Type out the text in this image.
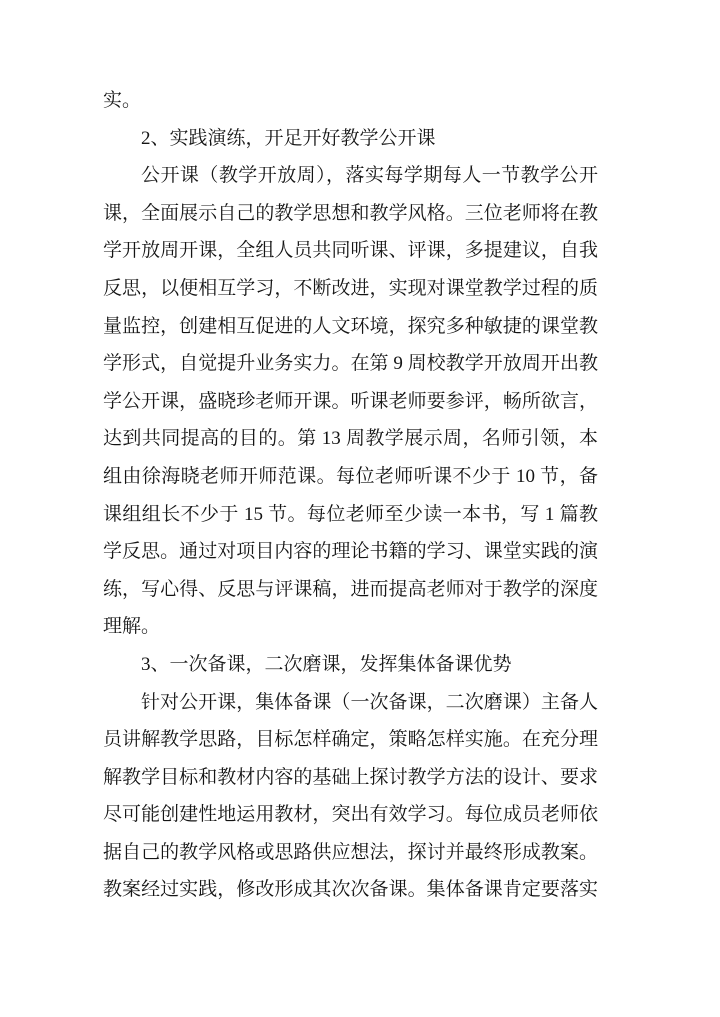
实。
2、实践演练，开足开好教学公开课
公开课（教学开放周），落实每学期每人一节教学公开
课，全面展示自己的教学思想和教学风格。三位老师将在教
学开放周开课，全组人员共同听课、评课，多提建议，自我
反思，以便相互学习，不断改进，实现对课堂教学过程的质
量监控，创建相互促进的人文环境，探究多种敏捷的课堂教
学形式，自觉提升业务实力。在第 9 周校教学开放周开出教
学公开课，盛晓珍老师开课。听课老师要参评，畅所欲言，
达到共同提高的目的。第 13 周教学展示周，名师引领，本
组由徐海晓老师开师范课。每位老师听课不少于 10 节，备
课组组长不少于 15 节。每位老师至少读一本书，写 1 篇教
学反思。通过对项目内容的理论书籍的学习、课堂实践的演
练，写心得、反思与评课稿，进而提高老师对于教学的深度
理解。
3、一次备课，二次磨课，发挥集体备课优势
针对公开课，集体备课（一次备课，二次磨课）主备人
员讲解教学思路，目标怎样确定，策略怎样实施。在充分理
解教学目标和教材内容的基础上探讨教学方法的设计、要求
尽可能创建性地运用教材，突出有效学习。每位成员老师依
据自己的教学风格或思路供应想法，探讨并最终形成教案。
教案经过实践，修改形成其次次备课。集体备课肯定要落实
